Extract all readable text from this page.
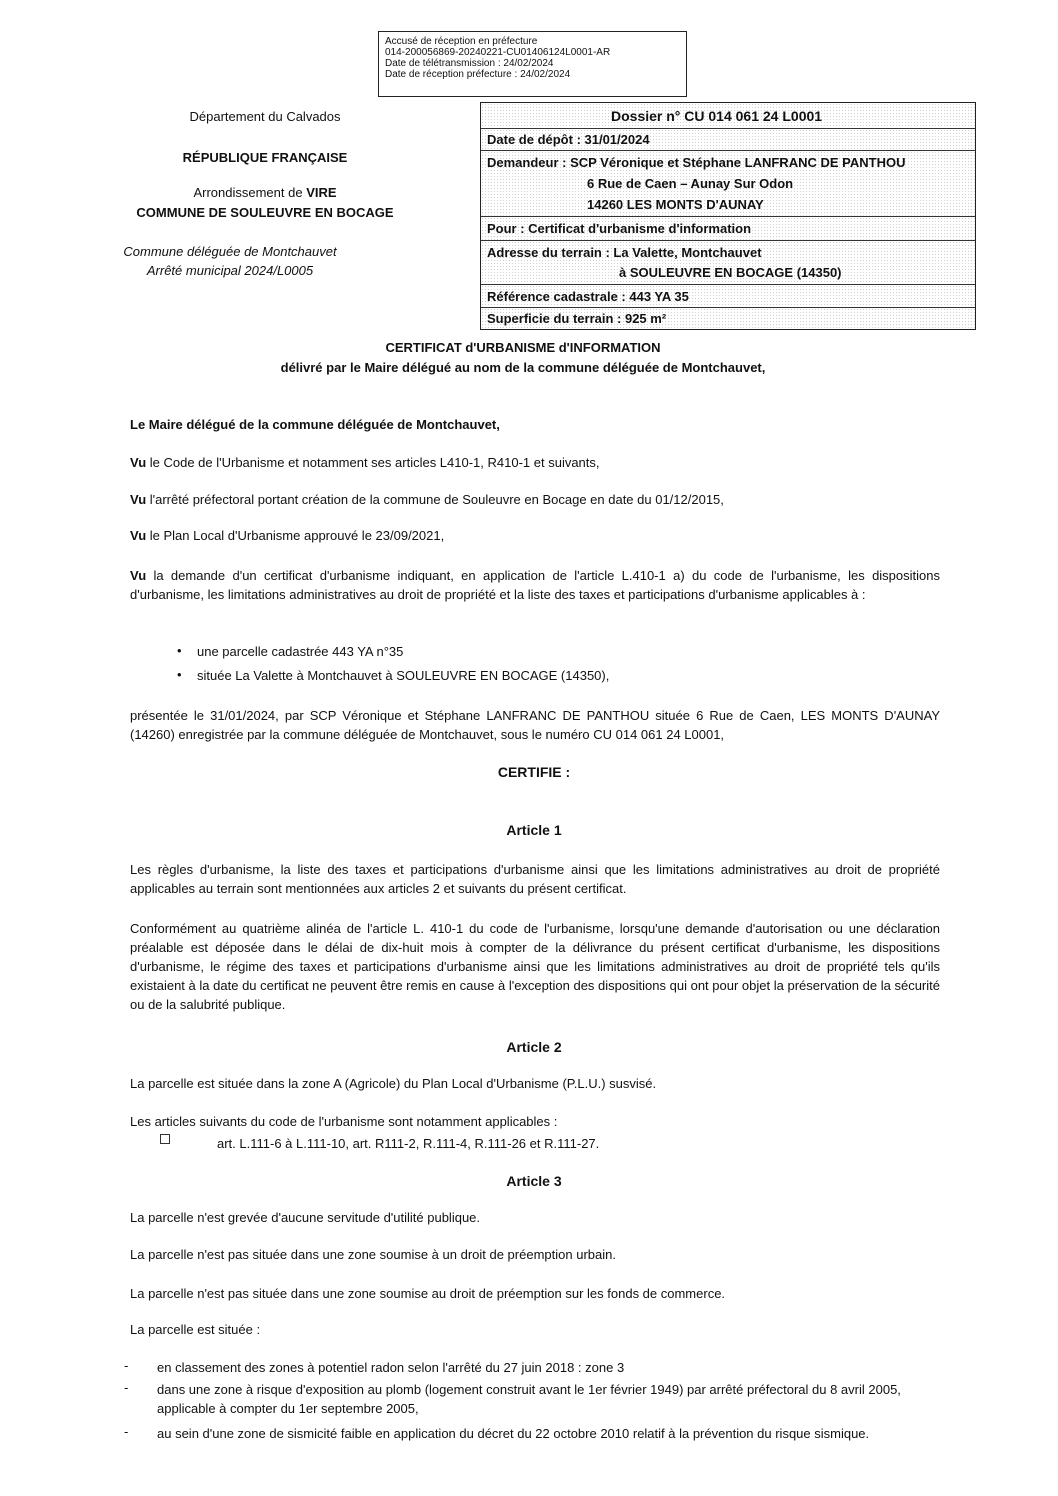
Accusé de réception en préfecture
014-200056869-20240221-CU01406124L0001-AR
Date de télétransmission : 24/02/2024
Date de réception préfecture : 24/02/2024
Département du Calvados
RÉPUBLIQUE FRANÇAISE
Arrondissement de VIRE
COMMUNE DE SOULEUVRE EN BOCAGE
Commune déléguée de Montchauvet
Arrêté municipal 2024/L0005
Dossier n° CU 014 061 24 L0001
Date de dépôt : 31/01/2024
Demandeur : SCP Véronique et Stéphane LANFRANC DE PANTHOU
6 Rue de Caen – Aunay Sur Odon
14260 LES MONTS D'AUNAY
Pour : Certificat d'urbanisme d'information
Adresse du terrain : La Valette, Montchauvet
à SOULEUVRE EN BOCAGE (14350)
Référence cadastrale : 443 YA 35
Superficie du terrain : 925 m²
CERTIFICAT d'URBANISME d'INFORMATION
délivré par le Maire délégué au nom de la commune déléguée de Montchauvet,
Le Maire délégué de la commune déléguée de Montchauvet,
Vu le Code de l'Urbanisme et notamment ses articles L410-1, R410-1 et suivants,
Vu l'arrêté préfectoral portant création de la commune de Souleuvre en Bocage en date du 01/12/2015,
Vu le Plan Local d'Urbanisme approuvé le 23/09/2021,
Vu la demande d'un certificat d'urbanisme indiquant, en application de l'article L.410-1 a) du code de l'urbanisme, les dispositions d'urbanisme, les limitations administratives au droit de propriété et la liste des taxes et participations d'urbanisme applicables à :
• une parcelle cadastrée 443 YA n°35
• située La Valette à Montchauvet à SOULEUVRE EN BOCAGE (14350),
présentée le 31/01/2024, par SCP Véronique et Stéphane LANFRANC DE PANTHOU située 6 Rue de Caen, LES MONTS D'AUNAY (14260) enregistrée par la commune déléguée de Montchauvet, sous le numéro CU 014 061 24 L0001,
CERTIFIE :
Article 1
Les règles d'urbanisme, la liste des taxes et participations d'urbanisme ainsi que les limitations administratives au droit de propriété applicables au terrain sont mentionnées aux articles 2 et suivants du présent certificat.
Conformément au quatrième alinéa de l'article L. 410-1 du code de l'urbanisme, lorsqu'une demande d'autorisation ou une déclaration préalable est déposée dans le délai de dix-huit mois à compter de la délivrance du présent certificat d'urbanisme, les dispositions d'urbanisme, le régime des taxes et participations d'urbanisme ainsi que les limitations administratives au droit de propriété tels qu'ils existaient à la date du certificat ne peuvent être remis en cause à l'exception des dispositions qui ont pour objet la préservation de la sécurité ou de la salubrité publique.
Article 2
La parcelle est située dans la zone A (Agricole) du Plan Local d'Urbanisme (P.L.U.) susvisé.
Les articles suivants du code de l'urbanisme sont notamment applicables :
art. L.111-6 à L.111-10, art. R111-2, R.111-4, R.111-26 et R.111-27.
Article 3
La parcelle n'est grevée d'aucune servitude d'utilité publique.
La parcelle n'est pas située dans une zone soumise à un droit de préemption urbain.
La parcelle n'est pas située dans une zone soumise au droit de préemption sur les fonds de commerce.
La parcelle est située :
- en classement des zones à potentiel radon selon l'arrêté du 27 juin 2018 : zone 3
- dans une zone à risque d'exposition au plomb (logement construit avant le 1er février 1949) par arrêté préfectoral du 8 avril 2005, applicable à compter du 1er septembre 2005,
- au sein d'une zone de sismicité faible en application du décret du 22 octobre 2010 relatif à la prévention du risque sismique.
